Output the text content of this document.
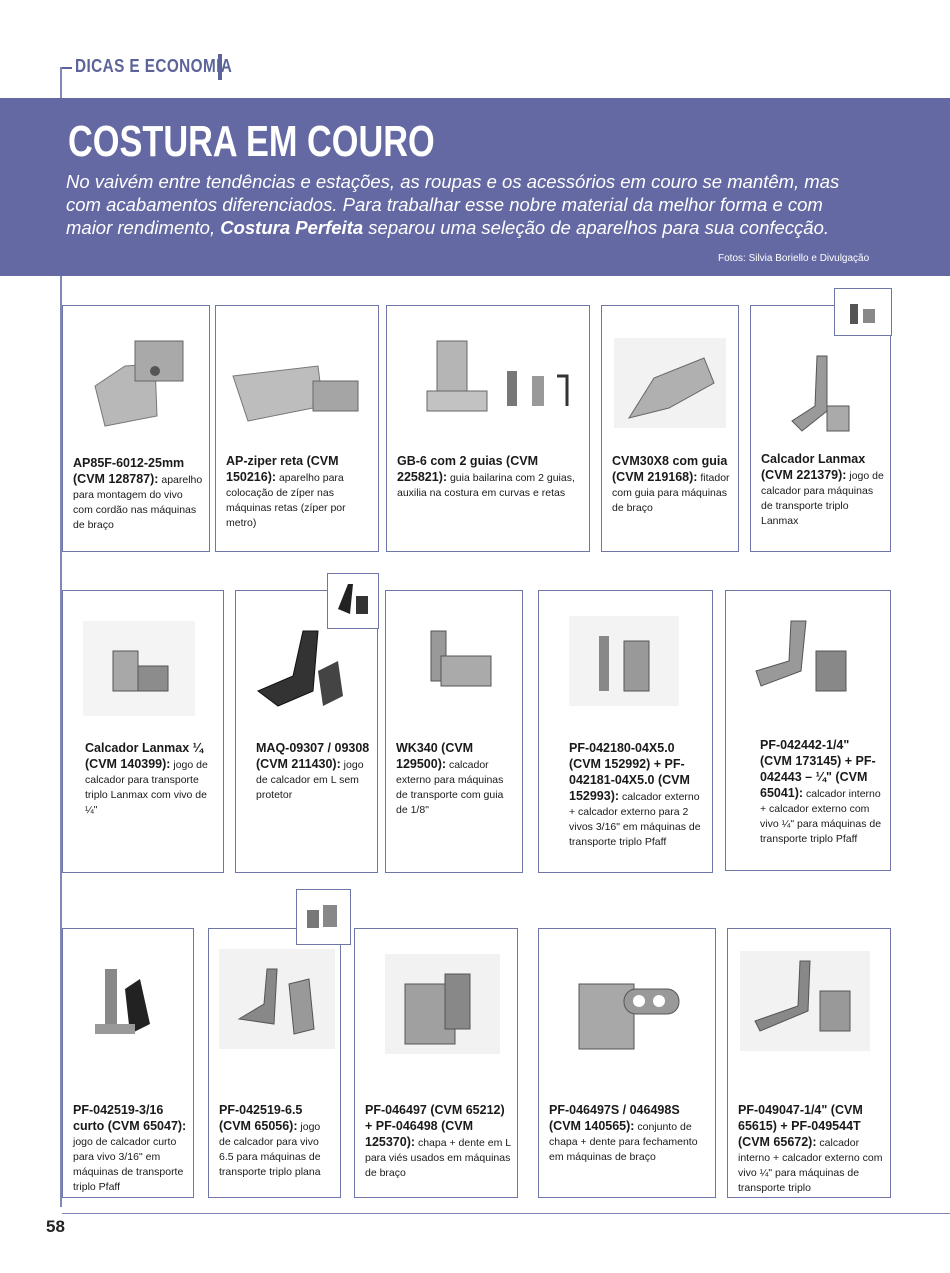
DICAS E ECONOMIA
COSTURA EM COURO
No vaivém entre tendências e estações, as roupas e os acessórios em couro se mantêm, mas com acabamentos diferenciados. Para trabalhar esse nobre material da melhor forma e com maior rendimento, Costura Perfeita separou uma seleção de aparelhos para sua confecção.
Fotos: Silvia Boriello e Divulgação
AP85F-6012-25mm (CVM 128787): aparelho para montagem do vivo com cordão nas máquinas de braço
AP-ziper reta (CVM 150216): aparelho para colocação de zíper nas máquinas retas (zíper por metro)
GB-6 com 2 guias (CVM 225821): guia bailarina com 2 guias, auxilia na costura em curvas e retas
CVM30X8 com guia (CVM 219168): fitador com guia para máquinas de braço
Calcador Lanmax (CVM 221379): jogo de calcador para máquinas de transporte triplo Lanmax
Calcador Lanmax ¼ (CVM 140399): jogo de calcador para transporte triplo Lanmax com vivo de ¼"
MAQ-09307 / 09308 (CVM 211430): jogo de calcador em L sem protetor
WK340 (CVM 129500): calcador externo para máquinas de transporte com guia de 1/8"
PF-042180-04X5.0 (CVM 152992) + PF-042181-04X5.0 (CVM 152993): calcador externo + calcador externo para 2 vivos 3/16" em máquinas de transporte triplo Pfaff
PF-042442-1/4" (CVM 173145) + PF-042443 – ¼" (CVM 65041): calcador interno + calcador externo com vivo ¼" para máquinas de transporte triplo Pfaff
PF-042519-3/16 curto (CVM 65047): jogo de calcador curto para vivo 3/16" em máquinas de transporte triplo Pfaff
PF-042519-6.5 (CVM 65056): jogo de calcador para vivo 6.5 para máquinas de transporte triplo plana
PF-046497 (CVM 65212) + PF-046498 (CVM 125370): chapa + dente em L para viés usados em máquinas de braço
PF-046497S / 046498S (CVM 140565): conjunto de chapa + dente para fechamento em máquinas de braço
PF-049047-1/4" (CVM 65615) + PF-049544T (CVM 65672): calcador interno + calcador externo com vivo ¼" para máquinas de transporte triplo
58
